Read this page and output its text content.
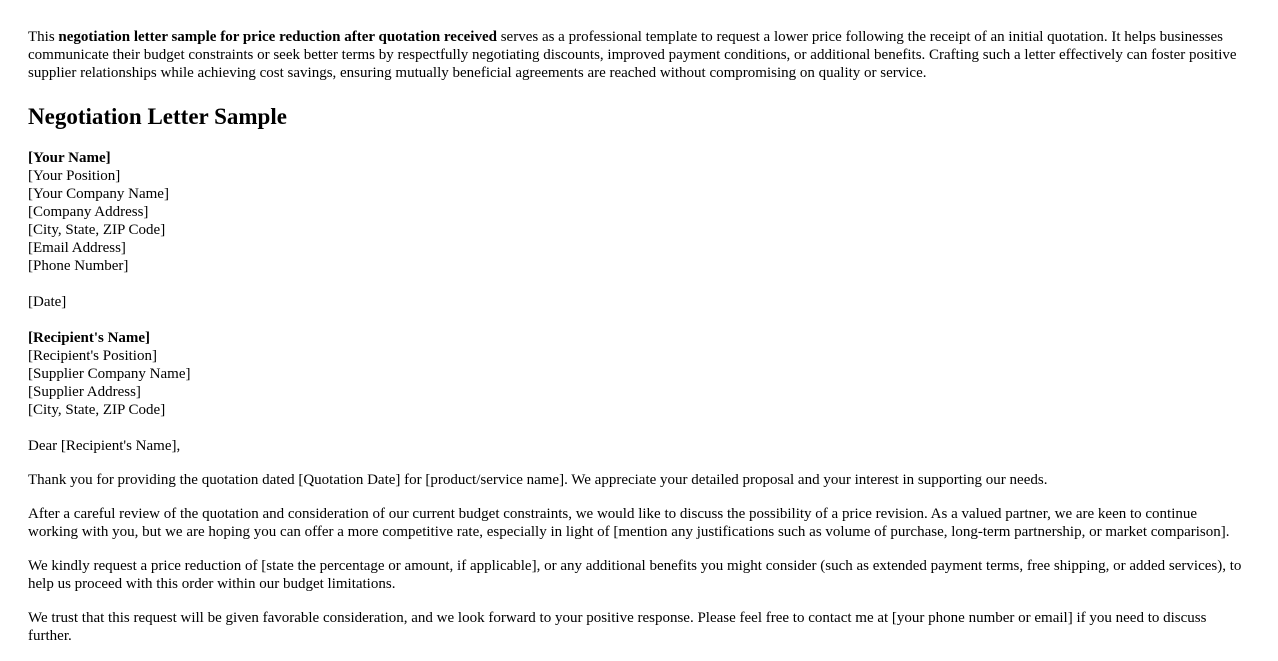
This negotiation letter sample for price reduction after quotation received serves as a professional template to request a lower price following the receipt of an initial quotation. It helps businesses communicate their budget constraints or seek better terms by respectfully negotiating discounts, improved payment conditions, or additional benefits. Crafting such a letter effectively can foster positive supplier relationships while achieving cost savings, ensuring mutually beneficial agreements are reached without compromising on quality or service.

Negotiation Letter Sample
[Your Name]
[Your Position]
[Your Company Name]
[Company Address]
[City, State, ZIP Code]
[Email Address]
[Phone Number]
[Date]
[Recipient's Name]
[Recipient's Position]
[Supplier Company Name]
[Supplier Address]
[City, State, ZIP Code]

Dear [Recipient's Name],

Thank you for providing the quotation dated [Quotation Date] for [product/service name]. We appreciate your detailed proposal and your interest in supporting our needs.

After a careful review of the quotation and consideration of our current budget constraints, we would like to discuss the possibility of a price revision. As a valued partner, we are keen to continue working with you, but we are hoping you can offer a more competitive rate, especially in light of [mention any justifications such as volume of purchase, long-term partnership, or market comparison].

We kindly request a price reduction of [state the percentage or amount, if applicable], or any additional benefits you might consider (such as extended payment terms, free shipping, or added services), to help us proceed with this order within our budget limitations.

We trust that this request will be given favorable consideration, and we look forward to your positive response. Please feel free to contact me at [your phone number or email] if you need to discuss further.
